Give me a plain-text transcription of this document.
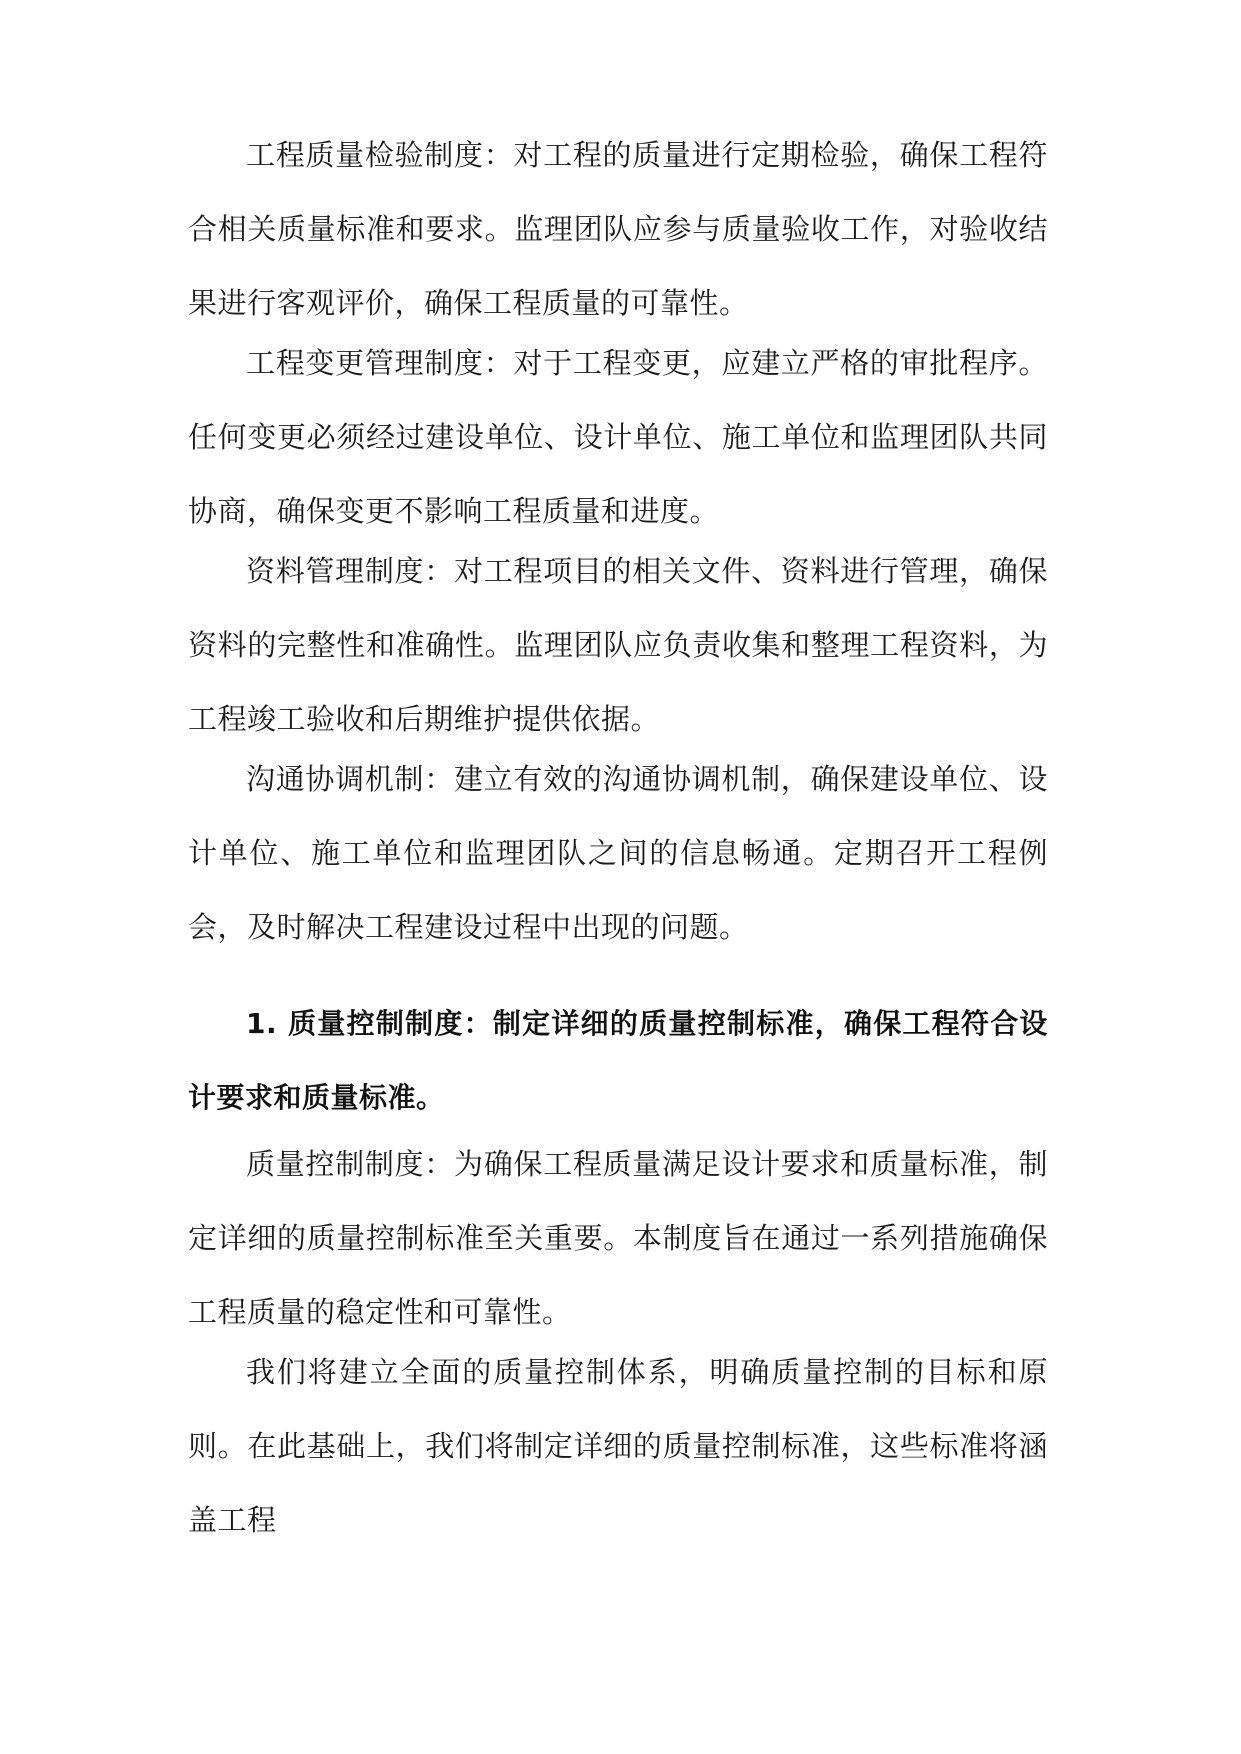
工程质量检验制度：对工程的质量进行定期检验，确保工程符合相关质量标准和要求。监理团队应参与质量验收工作，对验收结果进行客观评价，确保工程质量的可靠性。

工程变更管理制度：对于工程变更，应建立严格的审批程序。任何变更必须经过建设单位、设计单位、施工单位和监理团队共同协商，确保变更不影响工程质量和进度。

资料管理制度：对工程项目的相关文件、资料进行管理，确保资料的完整性和准确性。监理团队应负责收集和整理工程资料，为工程竣工验收和后期维护提供依据。

沟通协调机制：建立有效的沟通协调机制，确保建设单位、设计单位、施工单位和监理团队之间的信息畅通。定期召开工程例会，及时解决工程建设过程中出现的问题。

1. 质量控制制度：制定详细的质量控制标准，确保工程符合设计要求和质量标准。

质量控制制度：为确保工程质量满足设计要求和质量标准，制定详细的质量控制标准至关重要。本制度旨在通过一系列措施确保工程质量的稳定性和可靠性。

我们将建立全面的质量控制体系，明确质量控制的目标和原则。在此基础上，我们将制定详细的质量控制标准，这些标准将涵盖工程
